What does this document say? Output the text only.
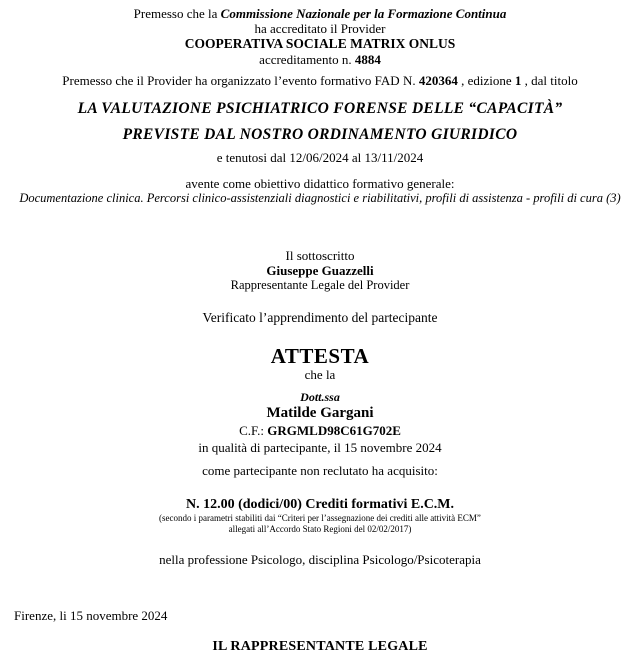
Premesso che la Commissione Nazionale per la Formazione Continua
ha accreditato il Provider
COOPERATIVA SOCIALE MATRIX ONLUS
accreditamento n. 4884
Premesso che il Provider ha organizzato l’evento formativo FAD N. 420364 , edizione 1 , dal titolo
LA VALUTAZIONE PSICHIATRICO FORENSE DELLE “CAPACITÀ”
PREVISTE DAL NOSTRO ORDINAMENTO GIURIDICO
e tenutosi dal 12/06/2024 al 13/11/2024
avente come obiettivo didattico formativo generale:
Documentazione clinica. Percorsi clinico-assistenziali diagnostici e riabilitativi, profili di assistenza - profili di cura (3)
Il sottoscritto
Giuseppe Guazzelli
Rappresentante Legale del Provider
Verificato l’apprendimento del partecipante
ATTESTA
che la
Dott.ssa
Matilde Gargani
C.F.: GRGMLD98C61G702E
in qualità di partecipante, il 15 novembre 2024
come partecipante non reclutato ha acquisito:
N. 12.00 (dodici/00) Crediti formativi E.C.M.
(secondo i parametri stabiliti dai “Criteri per l’assegnazione dei crediti alle attività ECM”
allegati all’Accordo Stato Regioni del 02/02/2017)
nella professione Psicologo, disciplina Psicologo/Psicoterapia
Firenze, li 15 novembre 2024
IL RAPPRESENTANTE LEGALE
